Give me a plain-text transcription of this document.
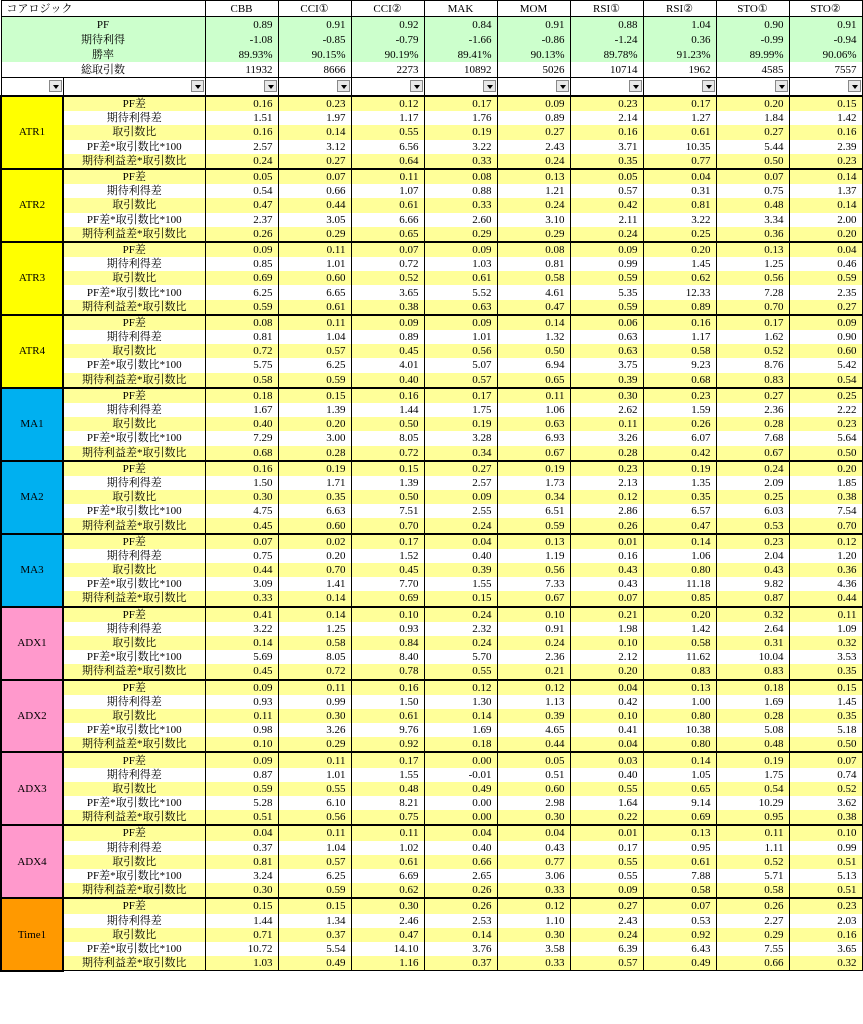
コアロジック		CBB	CCI①	CCI②	MAK	MOM	RSI①	RSI②	STO①	STO②
PF		0.89	0.91	0.92	0.84	0.91	0.88	1.04	0.90	0.91
期待利得		-1.08	-0.85	-0.79	-1.66	-0.86	-1.24	0.36	-0.99	-0.94
勝率		89.93%	90.15%	90.19%	89.41%	90.13%	89.78%	91.23%	89.99%	90.06%
総取引数		11932	8666	2273	10892	5026	10714	1962	4585	7557

ATR1	PF差	0.16	0.23	0.12	0.17	0.09	0.23	0.17	0.20	0.15
	期待利得差	1.51	1.97	1.17	1.76	0.89	2.14	1.27	1.84	1.42
	取引数比	0.16	0.14	0.55	0.19	0.27	0.16	0.61	0.27	0.16
	PF差*取引数比*100	2.57	3.12	6.56	3.22	2.43	3.71	10.35	5.44	2.39
	期待利益差*取引数比	0.24	0.27	0.64	0.33	0.24	0.35	0.77	0.50	0.23
ATR2	PF差	0.05	0.07	0.11	0.08	0.13	0.05	0.04	0.07	0.14
	期待利得差	0.54	0.66	1.07	0.88	1.21	0.57	0.31	0.75	1.37
	取引数比	0.47	0.44	0.61	0.33	0.24	0.42	0.81	0.48	0.14
	PF差*取引数比*100	2.37	3.05	6.66	2.60	3.10	2.11	3.22	3.34	2.00
	期待利益差*取引数比	0.26	0.29	0.65	0.29	0.29	0.24	0.25	0.36	0.20
ATR3	PF差	0.09	0.11	0.07	0.09	0.08	0.09	0.20	0.13	0.04
	期待利得差	0.85	1.01	0.72	1.03	0.81	0.99	1.45	1.25	0.46
	取引数比	0.69	0.60	0.52	0.61	0.58	0.59	0.62	0.56	0.59
	PF差*取引数比*100	6.25	6.65	3.65	5.52	4.61	5.35	12.33	7.28	2.35
	期待利益差*取引数比	0.59	0.61	0.38	0.63	0.47	0.59	0.89	0.70	0.27
ATR4	PF差	0.08	0.11	0.09	0.09	0.14	0.06	0.16	0.17	0.09
	期待利得差	0.81	1.04	0.89	1.01	1.32	0.63	1.17	1.62	0.90
	取引数比	0.72	0.57	0.45	0.56	0.50	0.63	0.58	0.52	0.60
	PF差*取引数比*100	5.75	6.25	4.01	5.07	6.94	3.75	9.23	8.76	5.42
	期待利益差*取引数比	0.58	0.59	0.40	0.57	0.65	0.39	0.68	0.83	0.54
MA1	PF差	0.18	0.15	0.16	0.17	0.11	0.30	0.23	0.27	0.25
	期待利得差	1.67	1.39	1.44	1.75	1.06	2.62	1.59	2.36	2.22
	取引数比	0.40	0.20	0.50	0.19	0.63	0.11	0.26	0.28	0.23
	PF差*取引数比*100	7.29	3.00	8.05	3.28	6.93	3.26	6.07	7.68	5.64
	期待利益差*取引数比	0.68	0.28	0.72	0.34	0.67	0.28	0.42	0.67	0.50
MA2	PF差	0.16	0.19	0.15	0.27	0.19	0.23	0.19	0.24	0.20
	期待利得差	1.50	1.71	1.39	2.57	1.73	2.13	1.35	2.09	1.85
	取引数比	0.30	0.35	0.50	0.09	0.34	0.12	0.35	0.25	0.38
	PF差*取引数比*100	4.75	6.63	7.51	2.55	6.51	2.86	6.57	6.03	7.54
	期待利益差*取引数比	0.45	0.60	0.70	0.24	0.59	0.26	0.47	0.53	0.70
MA3	PF差	0.07	0.02	0.17	0.04	0.13	0.01	0.14	0.23	0.12
	期待利得差	0.75	0.20	1.52	0.40	1.19	0.16	1.06	2.04	1.20
	取引数比	0.44	0.70	0.45	0.39	0.56	0.43	0.80	0.43	0.36
	PF差*取引数比*100	3.09	1.41	7.70	1.55	7.33	0.43	11.18	9.82	4.36
	期待利益差*取引数比	0.33	0.14	0.69	0.15	0.67	0.07	0.85	0.87	0.44
ADX1	PF差	0.41	0.14	0.10	0.24	0.10	0.21	0.20	0.32	0.11
	期待利得差	3.22	1.25	0.93	2.32	0.91	1.98	1.42	2.64	1.09
	取引数比	0.14	0.58	0.84	0.24	0.24	0.10	0.58	0.31	0.32
	PF差*取引数比*100	5.69	8.05	8.40	5.70	2.36	2.12	11.62	10.04	3.53
	期待利益差*取引数比	0.45	0.72	0.78	0.55	0.21	0.20	0.83	0.83	0.35
ADX2	PF差	0.09	0.11	0.16	0.12	0.12	0.04	0.13	0.18	0.15
	期待利得差	0.93	0.99	1.50	1.30	1.13	0.42	1.00	1.69	1.45
	取引数比	0.11	0.30	0.61	0.14	0.39	0.10	0.80	0.28	0.35
	PF差*取引数比*100	0.98	3.26	9.76	1.69	4.65	0.41	10.38	5.08	5.18
	期待利益差*取引数比	0.10	0.29	0.92	0.18	0.44	0.04	0.80	0.48	0.50
ADX3	PF差	0.09	0.11	0.17	0.00	0.05	0.03	0.14	0.19	0.07
	期待利得差	0.87	1.01	1.55	-0.01	0.51	0.40	1.05	1.75	0.74
	取引数比	0.59	0.55	0.48	0.49	0.60	0.55	0.65	0.54	0.52
	PF差*取引数比*100	5.28	6.10	8.21	0.00	2.98	1.64	9.14	10.29	3.62
	期待利益差*取引数比	0.51	0.56	0.75	0.00	0.30	0.22	0.69	0.95	0.38
ADX4	PF差	0.04	0.11	0.11	0.04	0.04	0.01	0.13	0.11	0.10
	期待利得差	0.37	1.04	1.02	0.40	0.43	0.17	0.95	1.11	0.99
	取引数比	0.81	0.57	0.61	0.66	0.77	0.55	0.61	0.52	0.51
	PF差*取引数比*100	3.24	6.25	6.69	2.65	3.06	0.55	7.88	5.71	5.13
	期待利益差*取引数比	0.30	0.59	0.62	0.26	0.33	0.09	0.58	0.58	0.51
Time1	PF差	0.15	0.15	0.30	0.26	0.12	0.27	0.07	0.26	0.23
	期待利得差	1.44	1.34	2.46	2.53	1.10	2.43	0.53	2.27	2.03
	取引数比	0.71	0.37	0.47	0.14	0.30	0.24	0.92	0.29	0.16
	PF差*取引数比*100	10.72	5.54	14.10	3.76	3.58	6.39	6.43	7.55	3.65
	期待利益差*取引数比	1.03	0.49	1.16	0.37	0.33	0.57	0.49	0.66	0.32
